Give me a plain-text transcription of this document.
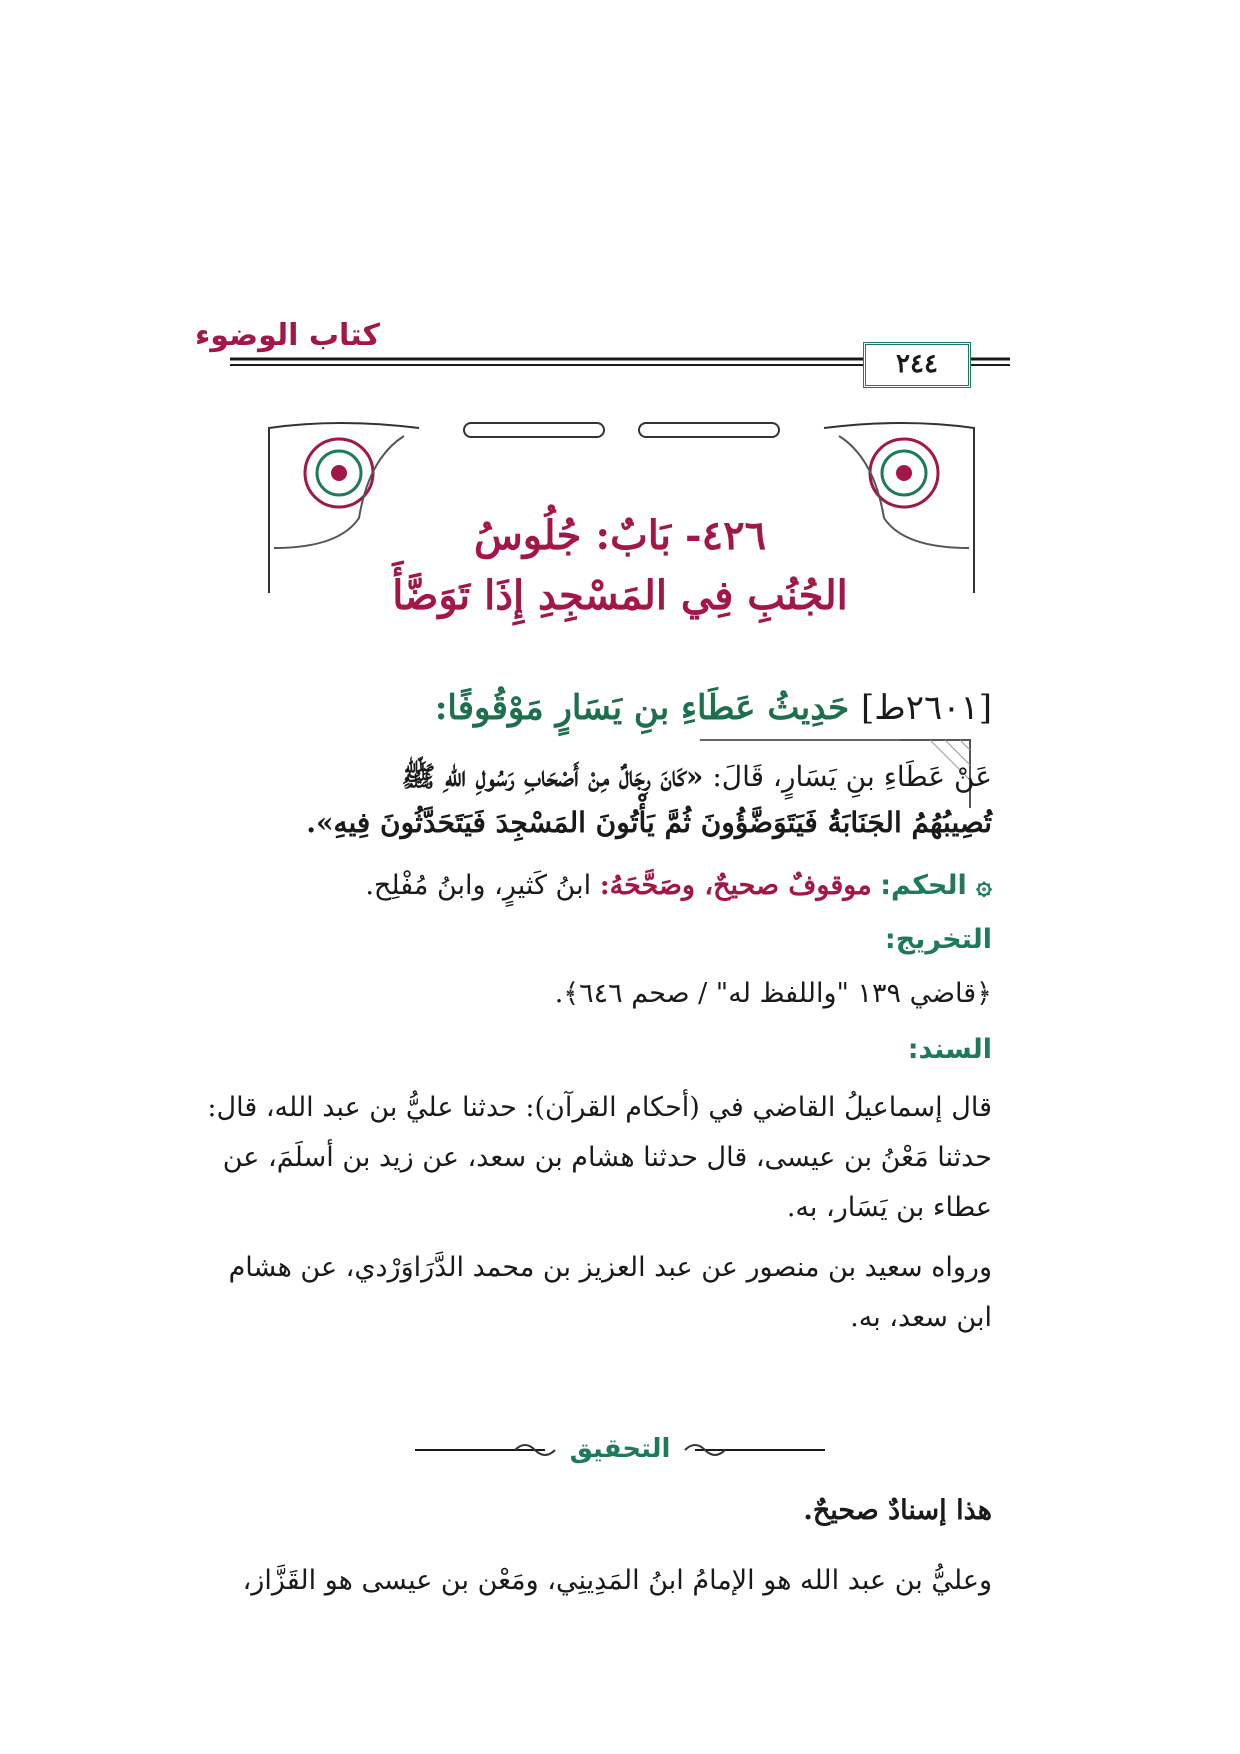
كتاب الوضوء
٢٤٤
٤٢٦- بَابٌ: جُلُوسُ
الجُنُبِ فِي المَسْجِدِ إِذَا تَوَضَّأَ
[٢٦٠١ط] حَدِيثُ عَطَاءِ بنِ يَسَارٍ مَوْقُوفًا:
عَنْ عَطَاءِ بنِ يَسَارٍ، قَالَ: «كَانَ رِجَالٌ مِنْ أَصْحَابِ رَسُولِ اللهِ ﷺ
تُصِيبُهُمُ الجَنَابَةُ فَيَتَوَضَّؤُونَ ثُمَّ يَأْتُونَ المَسْجِدَ فَيَتَحَدَّثُونَ فِيهِ».
۞ الحكم: موقوفٌ صحيحٌ، وصَحَّحَهُ: ابنُ كَثيرٍ، وابنُ مُفْلِح.
التخريج:
﴿قاضي ١٣٩ "واللفظ له" / صحم ٦٤٦﴾.
السند:
قال إسماعيلُ القاضي في (أحكام القرآن): حدثنا عليُّ بن عبد الله، قال:
حدثنا مَعْنُ بن عيسى، قال حدثنا هشام بن سعد، عن زيد بن أسلَمَ، عن
عطاء بن يَسَار، به.
ورواه سعيد بن منصور عن عبد العزيز بن محمد الدَّرَاوَرْدي، عن هشام
ابن سعد، به.
التحقيق
هذا إسنادٌ صحيحٌ.
وعليُّ بن عبد الله هو الإمامُ ابنُ المَدِينِي، ومَعْن بن عيسى هو القَزَّاز،
